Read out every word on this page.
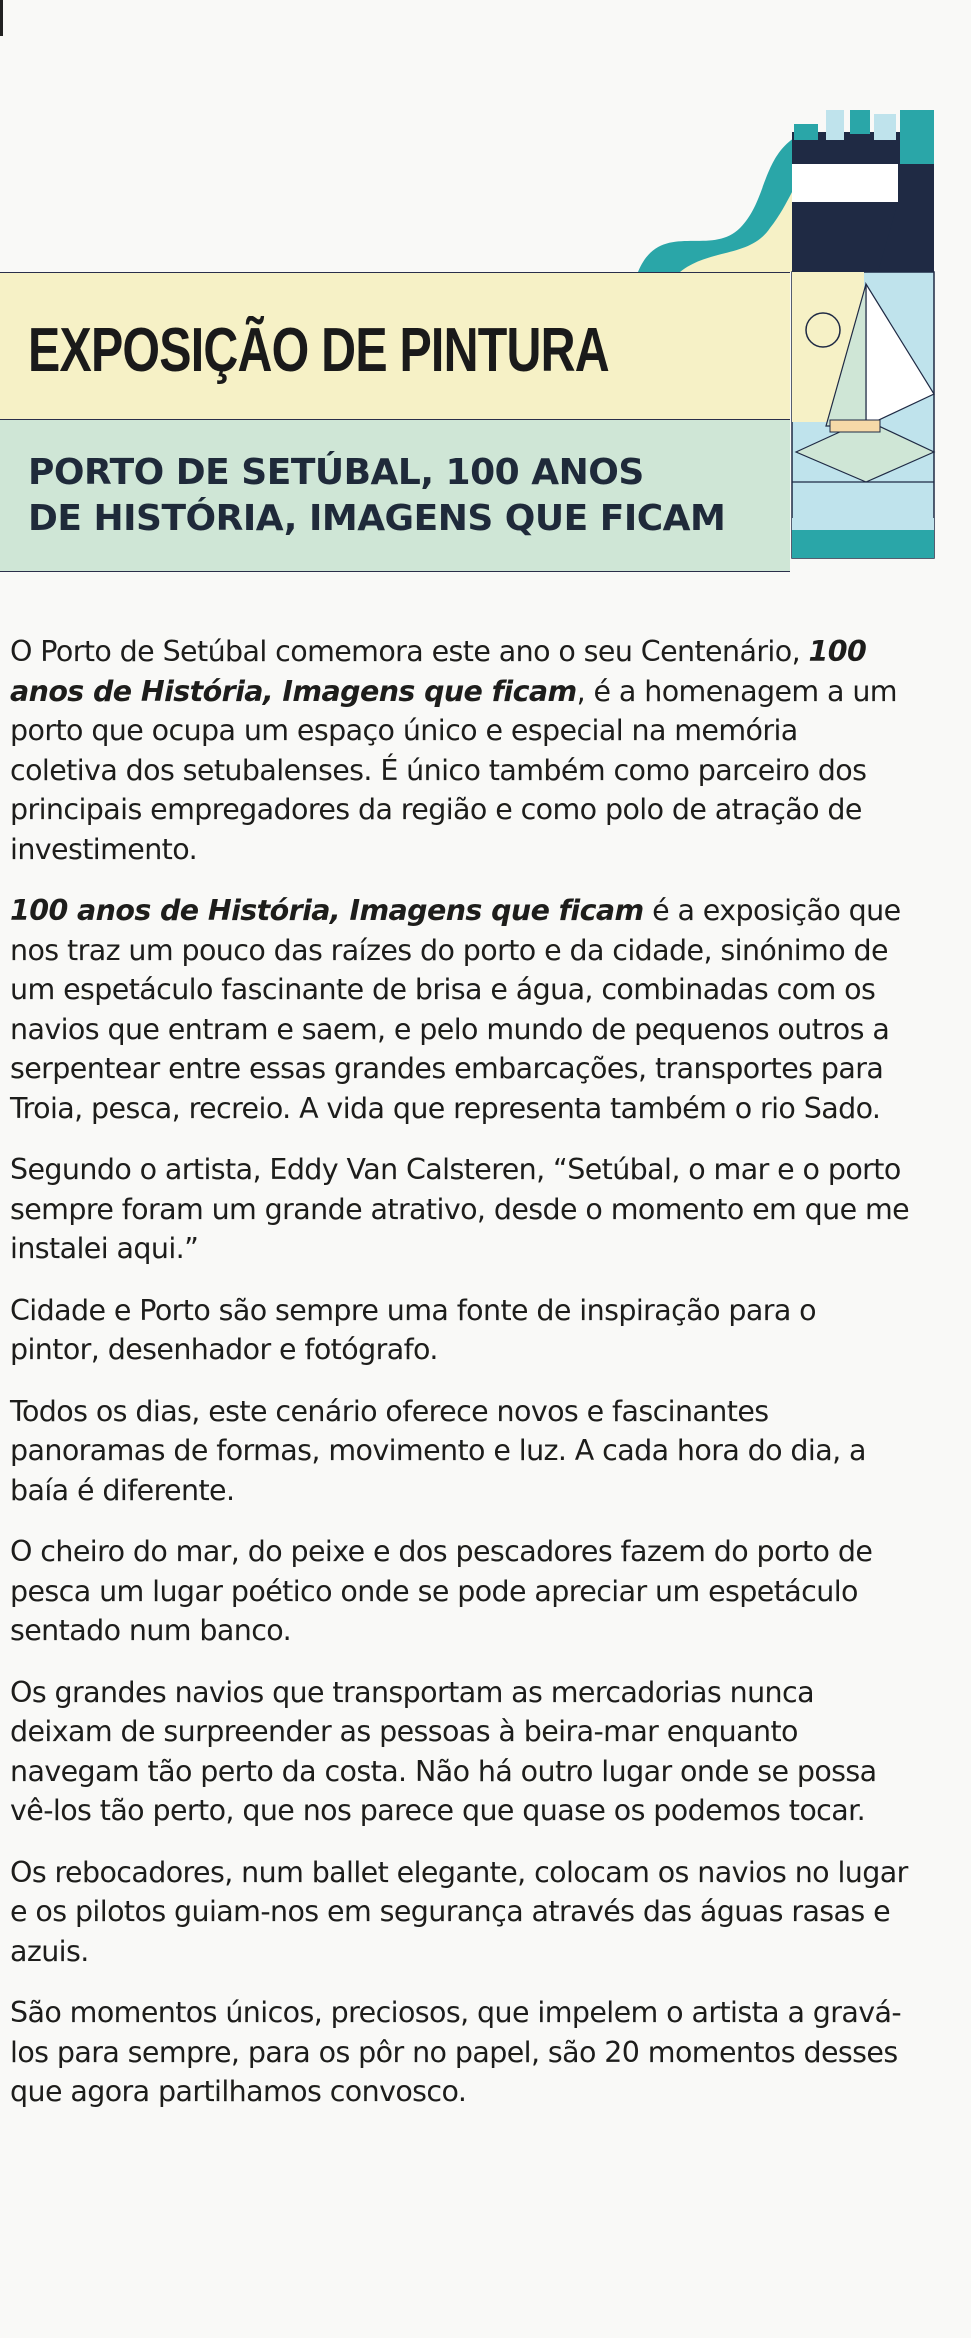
EXPOSIÇÃO DE PINTURA
PORTO DE SETÚBAL, 100 ANOS
DE HISTÓRIA, IMAGENS QUE FICAM

O Porto de Setúbal comemora este ano o seu Centenário, 100 anos de História, Imagens que ficam, é a homenagem a um porto que ocupa um espaço único e especial na memória coletiva dos setubalenses. É único também como parceiro dos principais empregadores da região e como polo de atração de investimento.

100 anos de História, Imagens que ficam é a exposição que nos traz um pouco das raízes do porto e da cidade, sinónimo de um espetáculo fascinante de brisa e água, combinadas com os navios que entram e saem, e pelo mundo de pequenos outros a serpentear entre essas grandes embarcações, transportes para Troia, pesca, recreio. A vida que representa também o rio Sado.

Segundo o artista, Eddy Van Calsteren, “Setúbal, o mar e o porto sempre foram um grande atrativo, desde o momento em que me instalei aqui.”

Cidade e Porto são sempre uma fonte de inspiração para o pintor, desenhador e fotógrafo.

Todos os dias, este cenário oferece novos e fascinantes panoramas de formas, movimento e luz. A cada hora do dia, a baía é diferente.

O cheiro do mar, do peixe e dos pescadores fazem do porto de pesca um lugar poético onde se pode apreciar um espetáculo sentado num banco.

Os grandes navios que transportam as mercadorias nunca deixam de surpreender as pessoas à beira-mar enquanto navegam tão perto da costa. Não há outro lugar onde se possa vê-los tão perto, que nos parece que quase os podemos tocar.

Os rebocadores, num ballet elegante, colocam os navios no lugar e os pilotos guiam-nos em segurança através das águas rasas e azuis.

São momentos únicos, preciosos, que impelem o artista a gravá-los para sempre, para os pôr no papel, são 20 momentos desses que agora partilhamos convosco.
